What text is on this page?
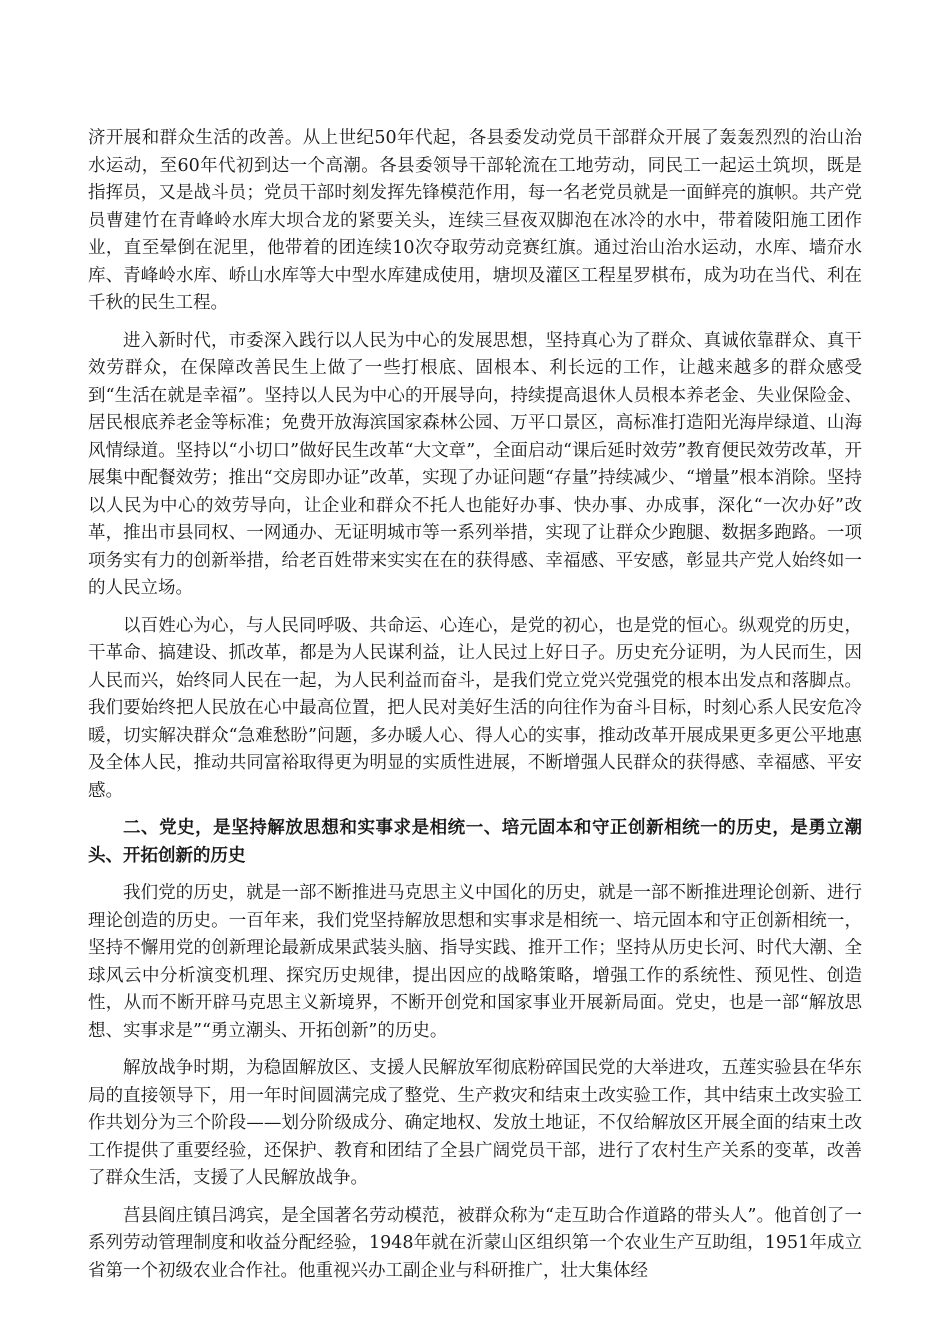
济开展和群众生活的改善。从上世纪50年代起，各县委发动党员干部群众开展了轰轰烈烈的治山治水运动，至60年代初到达一个高潮。各县委领导干部轮流在工地劳动，同民工一起运土筑坝，既是指挥员，又是战斗员；党员干部时刻发挥先锋模范作用，每一名老党员就是一面鲜亮的旗帜。共产党员曹建竹在青峰岭水库大坝合龙的紧要关头，连续三昼夜双脚泡在冰冷的水中，带着陵阳施工团作业，直至晕倒在泥里，他带着的团连续10次夺取劳动竞赛红旗。通过治山治水运动，水库、墙夼水库、青峰岭水库、峤山水库等大中型水库建成使用，塘坝及灌区工程星罗棋布，成为功在当代、利在千秋的民生工程。

进入新时代，市委深入践行以人民为中心的发展思想，坚持真心为了群众、真诚依靠群众、真干效劳群众，在保障改善民生上做了一些打根底、固根本、利长远的工作，让越来越多的群众感受到“生活在就是幸福”。坚持以人民为中心的开展导向，持续提高退休人员根本养老金、失业保险金、居民根底养老金等标准；免费开放海滨国家森林公园、万平口景区，高标准打造阳光海岸绿道、山海风情绿道。坚持以“小切口”做好民生改革“大文章”，全面启动“课后延时效劳”教育便民效劳改革，开展集中配餐效劳；推出“交房即办证”改革，实现了办证问题“存量”持续减少、“增量”根本消除。坚持以人民为中心的效劳导向，让企业和群众不托人也能好办事、快办事、办成事，深化“一次办好”改革，推出市县同权、一网通办、无证明城市等一系列举措，实现了让群众少跑腿、数据多跑路。一项项务实有力的创新举措，给老百姓带来实实在在的获得感、幸福感、平安感，彰显共产党人始终如一的人民立场。

以百姓心为心，与人民同呼吸、共命运、心连心，是党的初心，也是党的恒心。纵观党的历史，干革命、搞建设、抓改革，都是为人民谋利益，让人民过上好日子。历史充分证明，为人民而生，因人民而兴，始终同人民在一起，为人民利益而奋斗，是我们党立党兴党强党的根本出发点和落脚点。我们要始终把人民放在心中最高位置，把人民对美好生活的向往作为奋斗目标，时刻心系人民安危冷暖，切实解决群众“急难愁盼”问题，多办暖人心、得人心的实事，推动改革开展成果更多更公平地惠及全体人民，推动共同富裕取得更为明显的实质性进展，不断增强人民群众的获得感、幸福感、平安感。

二、党史，是坚持解放思想和实事求是相统一、培元固本和守正创新相统一的历史，是勇立潮头、开拓创新的历史

我们党的历史，就是一部不断推进马克思主义中国化的历史，就是一部不断推进理论创新、进行理论创造的历史。一百年来，我们党坚持解放思想和实事求是相统一、培元固本和守正创新相统一，坚持不懈用党的创新理论最新成果武装头脑、指导实践、推开工作；坚持从历史长河、时代大潮、全球风云中分析演变机理、探究历史规律，提出因应的战略策略，增强工作的系统性、预见性、创造性，从而不断开辟马克思主义新境界，不断开创党和国家事业开展新局面。党史，也是一部“解放思想、实事求是”“勇立潮头、开拓创新”的历史。

解放战争时期，为稳固解放区、支援人民解放军彻底粉碎国民党的大举进攻，五莲实验县在华东局的直接领导下，用一年时间圆满完成了整党、生产救灾和结束土改实验工作，其中结束土改实验工作共划分为三个阶段——划分阶级成分、确定地权、发放土地证，不仅给解放区开展全面的结束土改工作提供了重要经验，还保护、教育和团结了全县广阔党员干部，进行了农村生产关系的变革，改善了群众生活，支援了人民解放战争。

莒县阎庄镇吕鸿宾，是全国著名劳动模范，被群众称为“走互助合作道路的带头人”。他首创了一系列劳动管理制度和收益分配经验，1948年就在沂蒙山区组织第一个农业生产互助组，1951年成立省第一个初级农业合作社。他重视兴办工副企业与科研推广，壮大集体经
